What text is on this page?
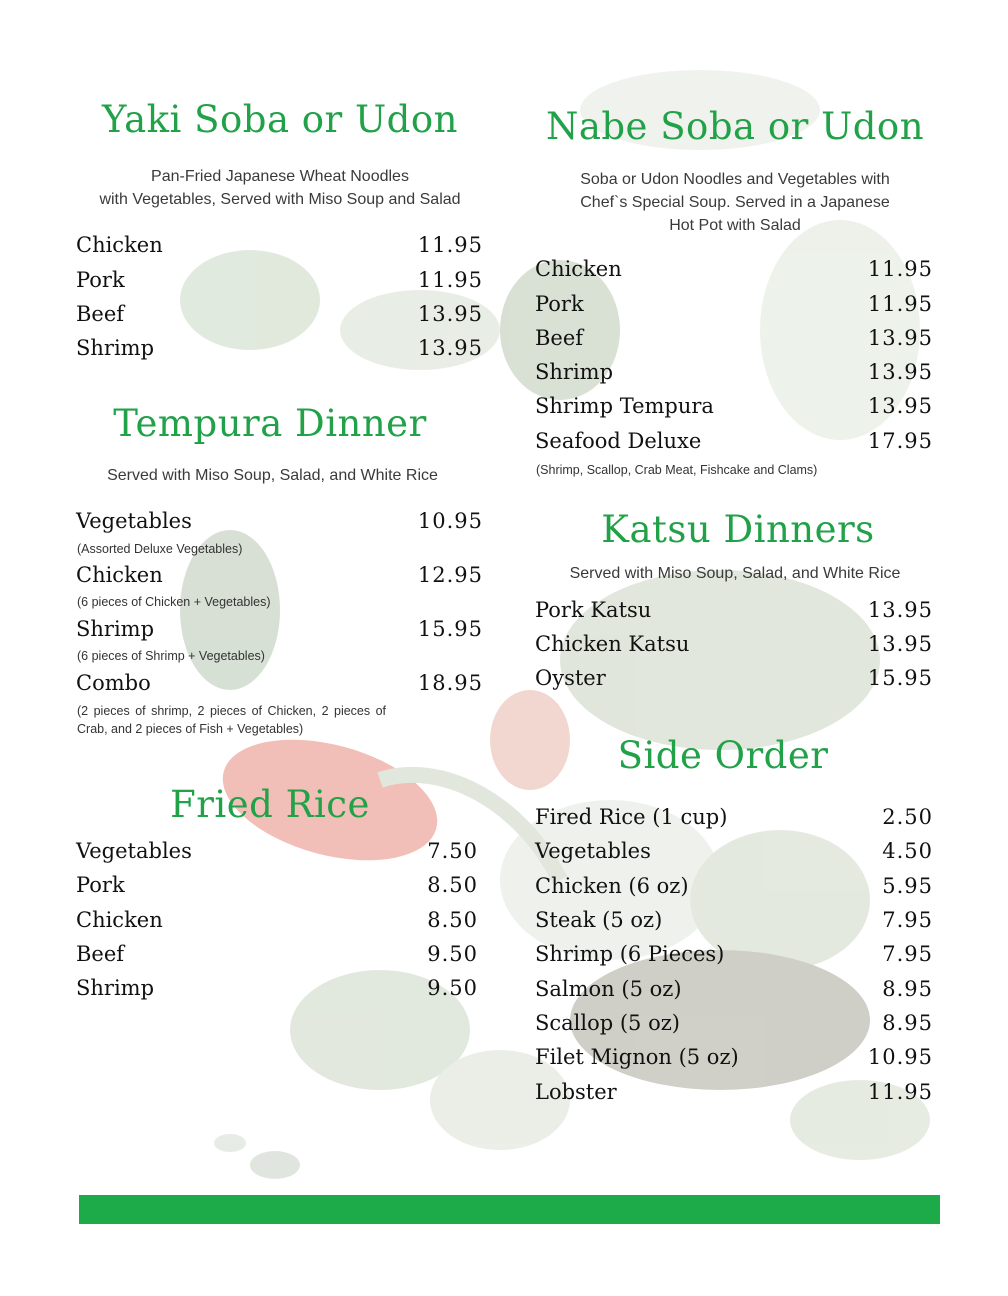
Yaki Soba or Udon
Pan-Fried Japanese Wheat Noodles
with Vegetables, Served with Miso Soup and Salad
Chicken	11.95
Pork	11.95
Beef	13.95
Shrimp	13.95
Tempura Dinner
Served with Miso Soup, Salad, and White Rice
Vegetables	10.95
(Assorted Deluxe Vegetables)
Chicken	12.95
(6 pieces of Chicken + Vegetables)
Shrimp	15.95
(6 pieces of Shrimp + Vegetables)
Combo	18.95
(2 pieces of shrimp, 2 pieces of Chicken, 2 pieces of
Crab, and 2 pieces of Fish + Vegetables)
Fried Rice
Vegetables	7.50
Pork	8.50
Chicken	8.50
Beef	9.50
Shrimp	9.50
Nabe Soba or Udon
Soba or Udon Noodles and Vegetables with
Chef`s Special Soup. Served in a Japanese
Hot Pot with Salad
Chicken	11.95
Pork	11.95
Beef	13.95
Shrimp	13.95
Shrimp Tempura	13.95
Seafood Deluxe	17.95
(Shrimp, Scallop, Crab Meat, Fishcake and Clams)
Katsu Dinners
Served with Miso Soup, Salad, and White Rice
Pork Katsu	13.95
Chicken Katsu	13.95
Oyster	15.95
Side Order
Fired Rice (1 cup)	2.50
Vegetables	4.50
Chicken (6 oz)	5.95
Steak (5 oz)	7.95
Shrimp (6 Pieces)	7.95
Salmon (5 oz)	8.95
Scallop (5 oz)	8.95
Filet Mignon (5 oz)	10.95
Lobster	11.95
